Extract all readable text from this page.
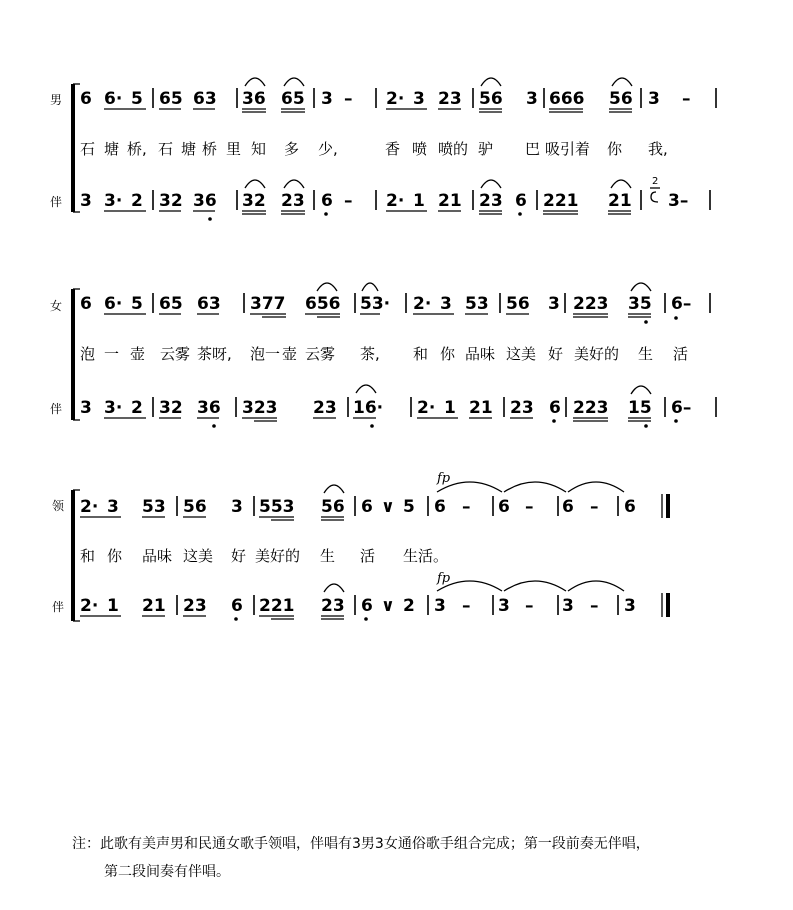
男
伴
6 6· 5 65 63 36 65 3 – 2· 3 23 56 3 666 56 3 –
石 塘 桥, 石 塘 桥 里 知 多 少,	香 喷 喷的 驴 巴 吸引着 你 我,
3 3· 2 32 36 32 23 6 – 2· 1 21 23 6 221 21
2
3–
女
伴
6 6· 5 65 63 377 656 53· 2· 3 53 56 3 223 35 6–
泡 一 壶 云雾 茶呀, 泡一 壶 云雾 茶, 和 你 品味 这美 好 美好的 生 活
3 3· 2 32 36 323 23 16· 2· 1 21 23 6 223 15 6–
领
伴
2· 3 53 56 3 553 56 6 ∨ 5
fp
6 – 6 – 6 – 6
和 你 品味 这美 好 美好的 生 活 生活。
2· 1 21 23 6 221 23 6 ∨ 2
fp
3 – 3 – 3 – 3
注：此歌有美声男和民通女歌手领唱，伴唱有3男3女通俗歌手组合完成；第一段前奏无伴唱，
第二段间奏有伴唱。
